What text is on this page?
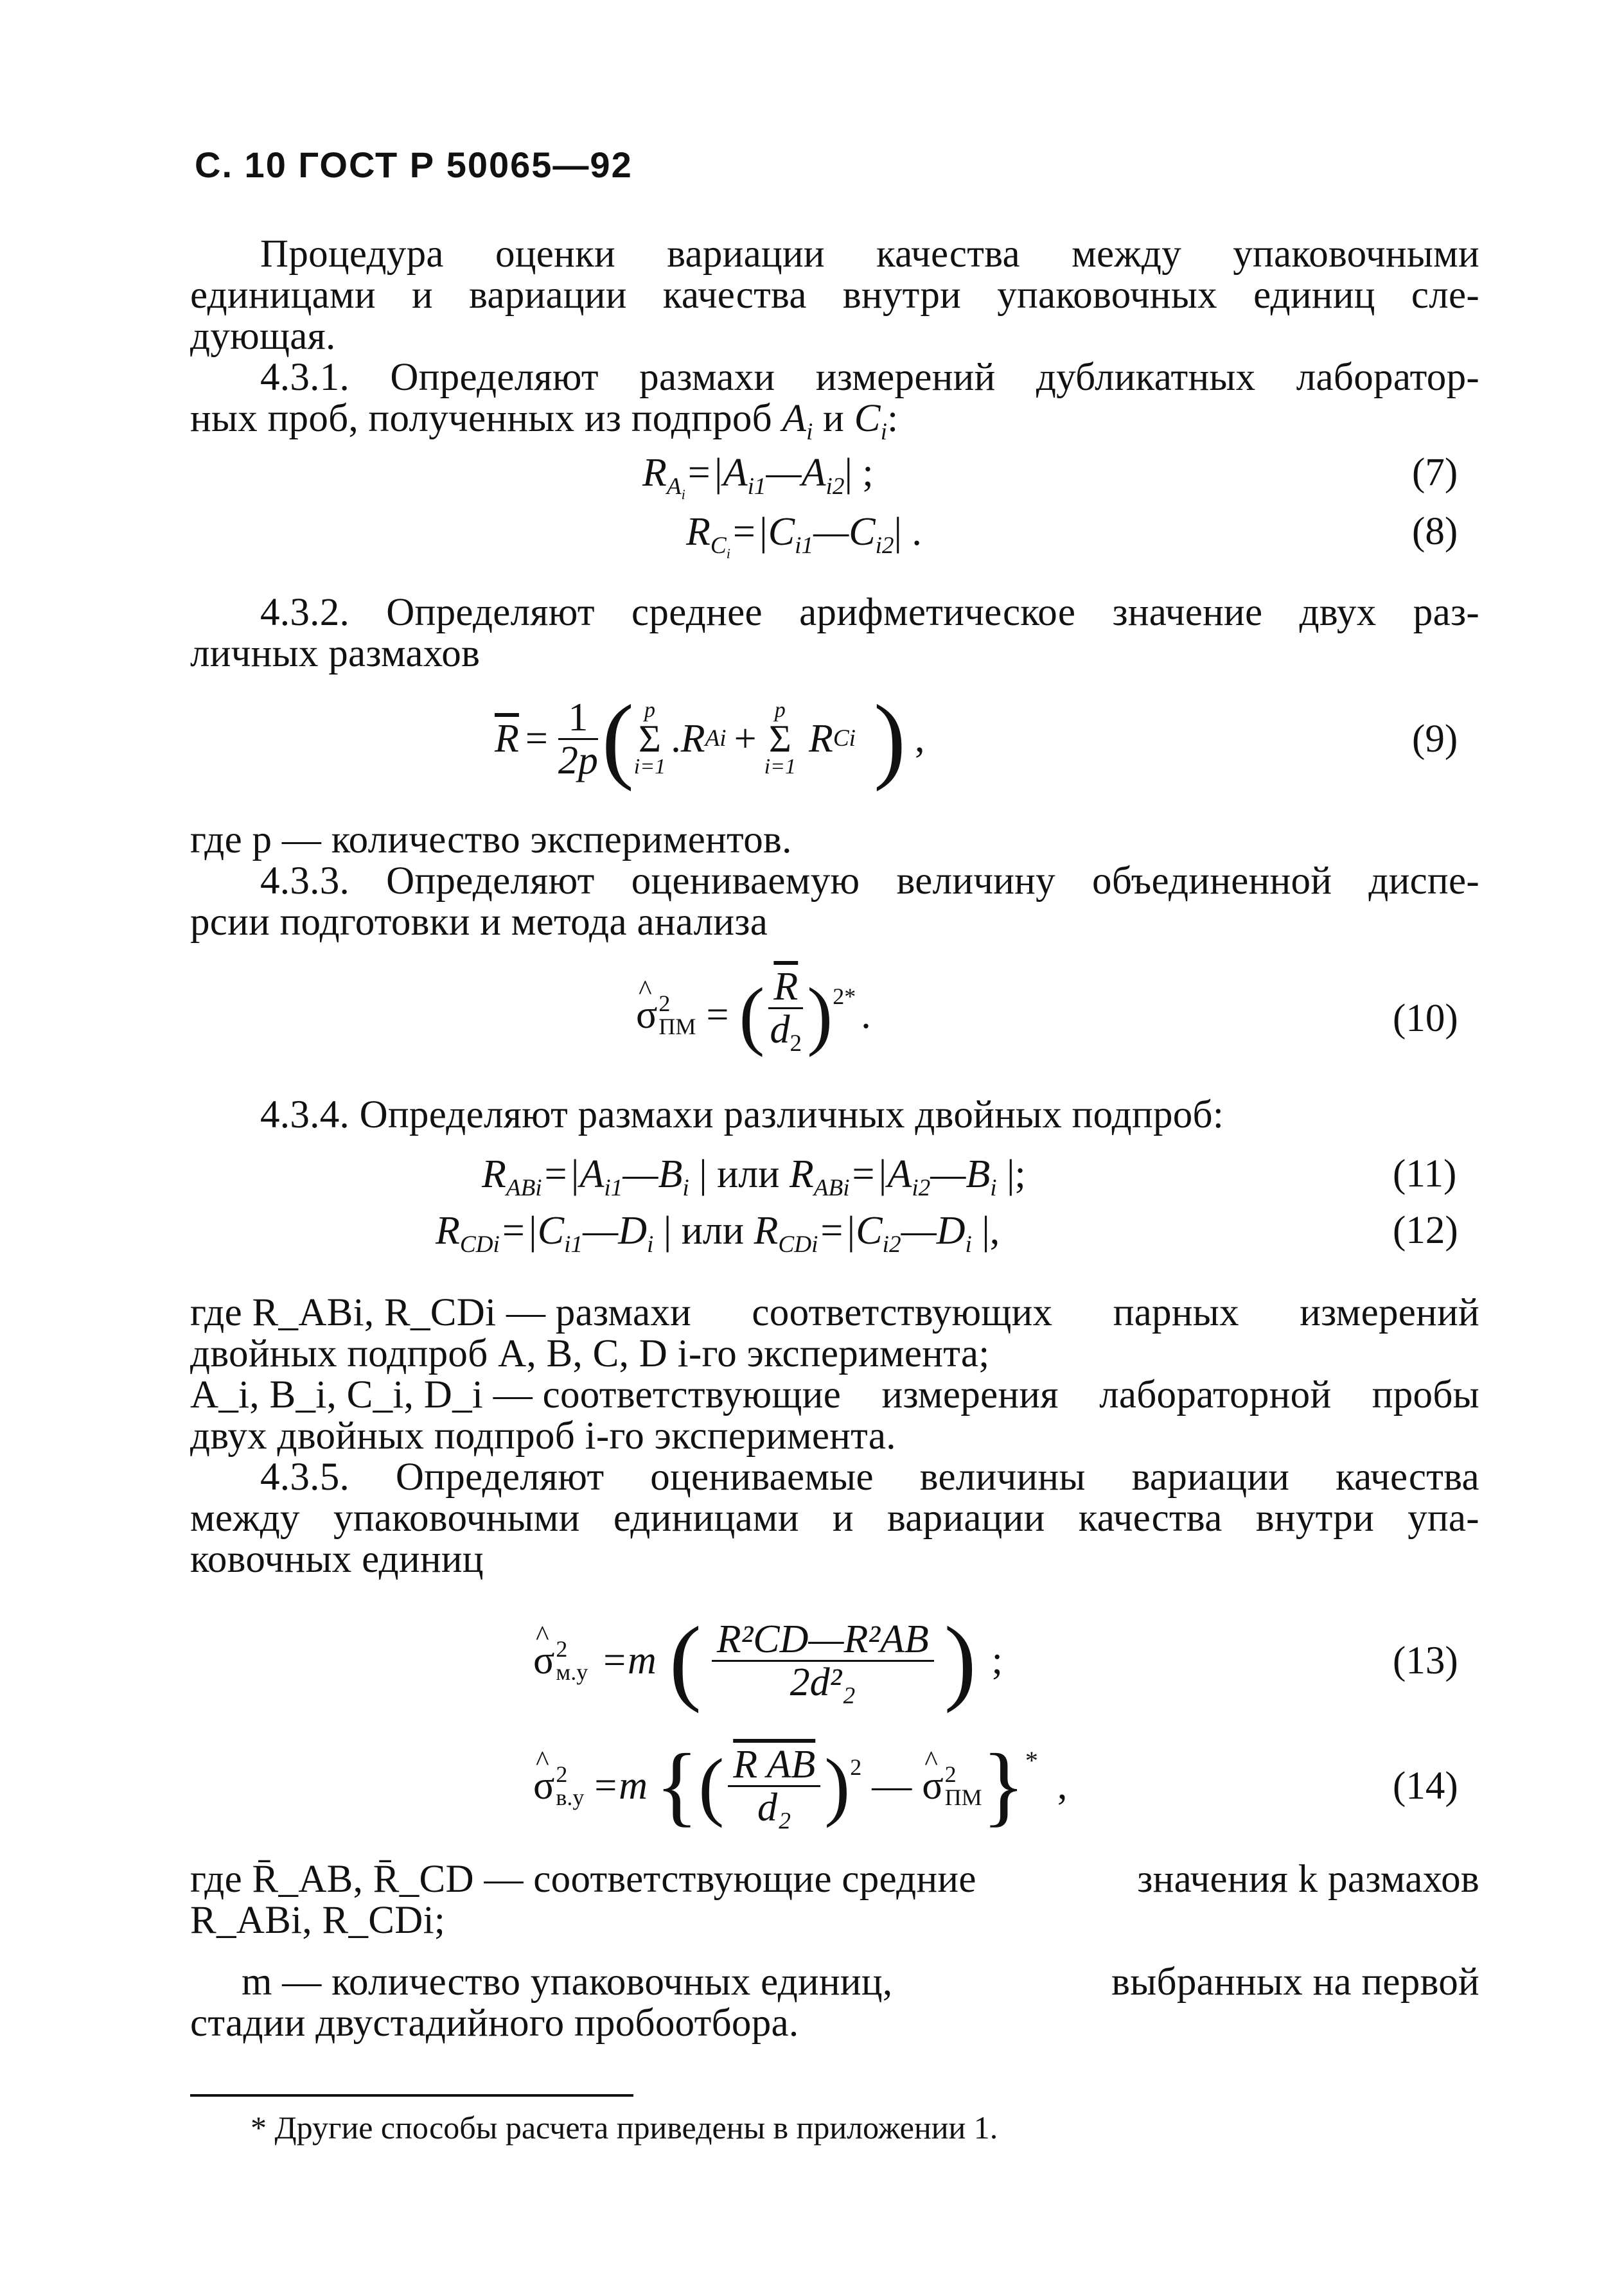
С. 10 ГОСТ Р 50065—92
Процедура оценки вариации качества между упаковочными
единицами и вариации качества внутри упаковочных единиц сле-
дующая.
4.3.1. Определяют размахи измерений дубликатных лаборатор-
ных проб, полученных из подпроб $A_i$ и $C_i$:
$R_{A_i}=|A_{i1}—A_{i2}|$ ;	(7)
$R_{C_i}=|C_{i1}—C_{i2}|$ .	(8)
4.3.2. Определяют среднее арифметическое значение двух раз-
личных размахов
$\overline{R} = \frac{1}{2p}$ ( p
Σ
i=1
. R Ai +
p
Σ
i=1
R Ci ) ,	(9)
где p — количество экспериментов.
4.3.3. Определяют оцениваемую величину объединенной диспе-
рсии подготовки и метода анализа
^ σ 2
ПМ = ( $\frac{\overline{R}}{d_2} )^{2*}$ .	(10)
4.3.4. Определяют размахи различных двойных подпроб:
$R_{ABi}=|A_{i1}—B_i$ | или $R_{ABi}=|A_{i2}—B_i$ |;	(11)
$R_{CDi}=|C_{i1}—D_i$ | или $R_{CDi}=|C_{i2}—D_i$ |,	(12)
где R_ABi, R_CDi — размахи соответствующих парных измерений
двойных подпроб A, B, C, D i-го эксперимента;
A_i, B_i, C_i, D_i — соответствующие измерения лабораторной пробы
двух двойных подпроб i-го эксперимента.
4.3.5. Определяют оцениваемые величины вариации качества
между упаковочными единицами и вариации качества внутри упа-
ковочных единиц
^ σ 2
м.у =m ( $\frac{\text{R²CD—R²AB}}{\text{2d²₂}}$ ) ;	(13)
^ σ 2
в.у =m { ( $\frac{\text{R AB}}{\text{d₂}} )^2$ — ^ σ 2
ПМ }*
,	(14)
где R̄_AB, R̄_CD — соответствующие средние	значения k размахов
R_ABi, R_CDi;
m — количество упаковочных единиц,	выбранных на первой
стадии двустадийного пробоотбора.
* Другие способы расчета приведены в приложении 1.
